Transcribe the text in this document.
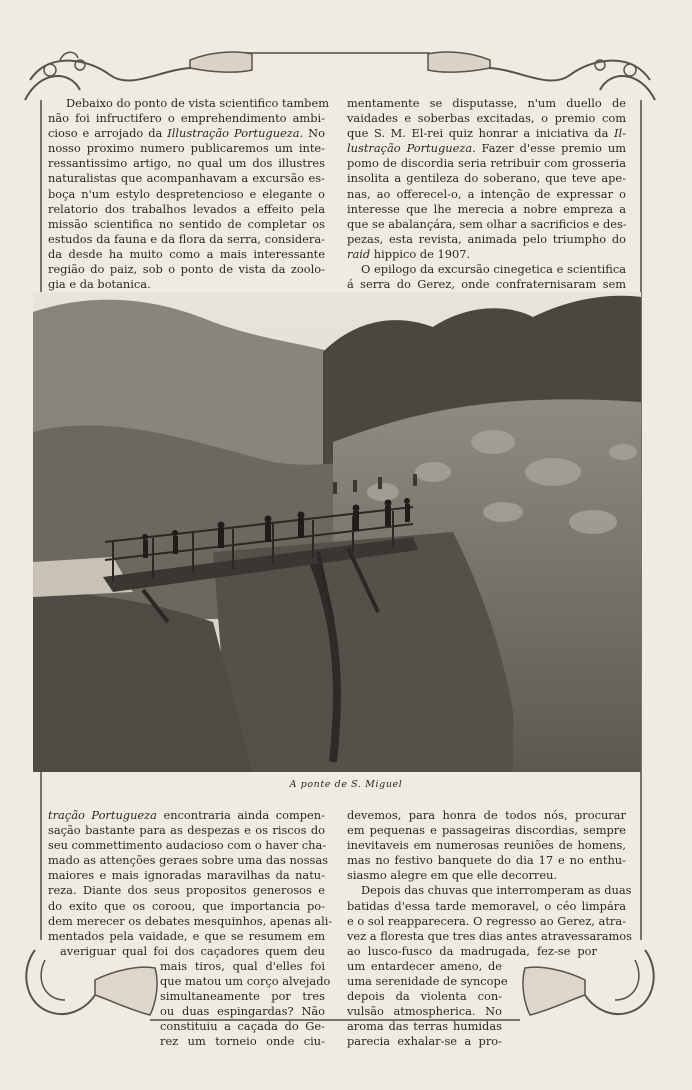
Debaixo do ponto de vista scientifico tambem
não foi infructifero o emprehendimento ambi-
cioso e arrojado da Illustração Portugueza. No
nosso proximo numero publicaremos um inte-
ressantissimo artigo, no qual um dos illustres
naturalistas que acompanhavam a excursão es-
boça n'um estylo despretencioso e elegante o
relatorio dos trabalhos levados a effeito pela
missão scientifica no sentido de completar os
estudos da fauna e da flora da serra, considera-
da desde ha muito como a mais interessante
região do paiz, sob o ponto de vista da zoolo-
gia e da botanica.
mentamente se disputasse, n'um duello de
vaidades e soberbas excitadas, o premio com
que S. M. El-rei quiz honrar a iniciativa da Il-
lustração Portugueza. Fazer d'esse premio um
pomo de discordia seria retribuir com grosseria
insolita a gentileza do soberano, que teve ape-
nas, ao offerecel-o, a intenção de expressar o
interesse que lhe merecia a nobre empreza a
que se abalançára, sem olhar a sacrificios e des-
pezas, esta revista, animada pelo triumpho do
raid hippico de 1907.
O epilogo da excursão cinegetica e scientifica
á serra do Gerez, onde confraternisaram sem
A ponte de S. Miguel
tração Portugueza encontraria ainda compen-
sação bastante para as despezas e os riscos do
seu commettimento audacioso com o haver cha-
mado as attenções geraes sobre uma das nossas
maiores e mais ignoradas maravilhas da natu-
reza. Diante dos seus propositos generosos e
do exito que os coroou, que importancia po-
dem merecer os debates mesquinhos, apenas ali-
mentados pela vaidade, e que se resumem em
averiguar qual foi dos caçadores quem deu
mais tiros, qual d'elles foi
que matou um corço alvejado
simultaneamente por tres
ou duas espingardas? Não
constituiu a caçada do Ge-
rez um torneio onde ciu-
devemos, para honra de todos nós, procurar
em pequenas e passageiras discordias, sempre
inevitaveis em numerosas reuniões de homens,
mas no festivo banquete do dia 17 e no enthu-
siasmo alegre em que elle decorreu.
Depois das chuvas que interromperam as duas
batidas d'essa tarde memoravel, o céo limpára
e o sol reapparecera. O regresso ao Gerez, atra-
vez a floresta que tres dias antes atravessaramos
ao lusco-fusco da madrugada, fez-se por
um entardecer ameno, de
uma serenidade de syncope
depois da violenta con-
vulsão atmospherica. No
aroma das terras humidas
parecia exhalar-se a pro-
